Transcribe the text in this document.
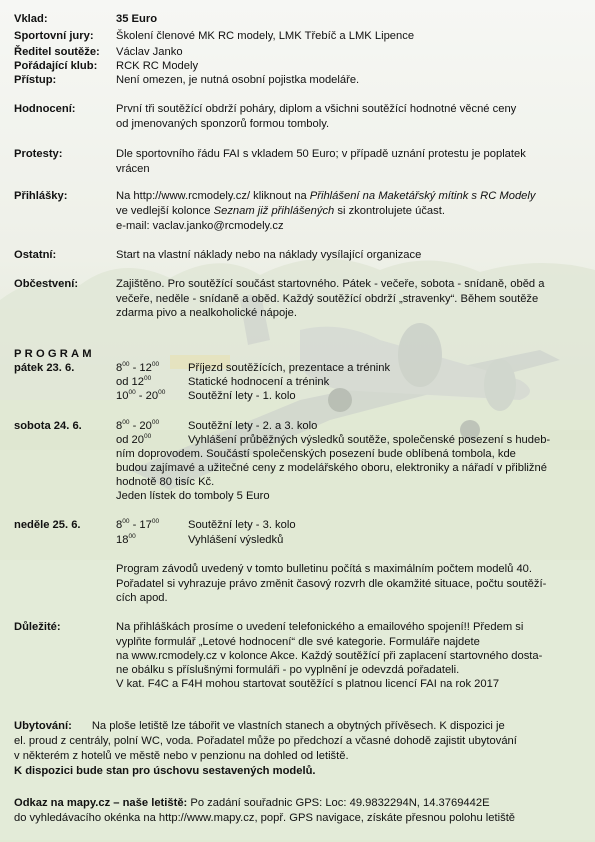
Vklad:	35 Euro
Sportovní jury: Školení členové MK RC modely, LMK Třebíč a LMK Lipence
Ředitel soutěže: Václav Janko
Pořádající klub: RCK RC Modely
Přístup:	Není omezen, je nutná osobní pojistka modeláře.
Hodnocení:	První tři soutěžící obdrží poháry, diplom a všichni soutěžící hodnotné věcné ceny
od jmenovaných sponzorů formou tomboly.
Protesty:	Dle sportovního řádu FAI s vkladem 50 Euro; v případě uznání protestu je poplatek
vrácen
Přihlášky:	Na http://www.rcmodely.cz/ kliknout na Přihlášení na Maketářský mítink s RC Modely
ve vedlejší kolonce Seznam již přihlášených si zkontrolujete účast.
e-mail: vaclav.janko@rcmodely.cz
Ostatní:	Start na vlastní náklady nebo na náklady vysílající organizace
Občestvení:	Zajištěno. Pro soutěžící součást startovného. Pátek - večeře, sobota - snídaně, oběd a
večeře, neděle - snídaně a oběd. Každý soutěžící obdrží „stravenky“. Během soutěže
zdarma pivo a nealkoholické nápoje.
PROGRAM
pátek 23. 6.	$8^{00} - 12^{00}$	Příjezd soutěžících, prezentace a trénink
od $12^{00}$	Statické hodnocení a trénink
$10^{00} - 20^{00}$ Soutěžní lety - 1. kolo
sobota 24. 6.	$8^{00} - 20^{00}$	Soutěžní lety - 2. a 3. kolo
od $20^{00}$	Vyhlášení průběžných výsledků soutěže, společenské posezení s hudeb-
ním doprovodem. Součástí společenských posezení bude oblíbená tombola, kde
budou zajímavé a užitečné ceny z modelářského oboru, elektroniky a nářadí v přibližné
hodnotě 80 tisíc Kč.
Jeden lístek do tomboly 5 Euro
neděle 25. 6.	$8^{00} - 17^{00}$	Soutěžní lety - 3. kolo
$18^{00}$	Vyhlášení výsledků
Program závodů uvedený v tomto bulletinu počítá s maximálním počtem modelů 40.
Pořadatel si vyhrazuje právo změnit časový rozvrh dle okamžité situace, počtu soutěží-
cích apod.
Důležité:	Na přihláškách prosíme o uvedení telefonického a emailového spojení!! Předem si
vyplňte formulář „Letové hodnocení“ dle své kategorie. Formuláře najdete
na www.rcmodely.cz v kolonce Akce. Každý soutěžící při zaplacení startovného dosta-
ne obálku s příslušnými formuláři - po vyplnění je odevzdá pořadateli.
V kat. F4C a F4H mohou startovat soutěžící s platnou licencí FAI na rok 2017
Ubytování: Na ploše letiště lze tábořit ve vlastních stanech a obytných přívěsech. K dispozici je
el. proud z centrály, polní WC, voda. Pořadatel může po předchozí a včasné dohodě zajistit ubytování
v některém z hotelů ve městě nebo v penzionu na dohled od letiště.
K dispozici bude stan pro úschovu sestavených modelů.
Odkaz na mapy.cz – naše letiště: Po zadání souřadnic GPS: Loc: 49.9832294N, 14.3769442E
do vyhledávacího okénka na http://www.mapy.cz, popř. GPS navigace, získáte přesnou polohu letiště
